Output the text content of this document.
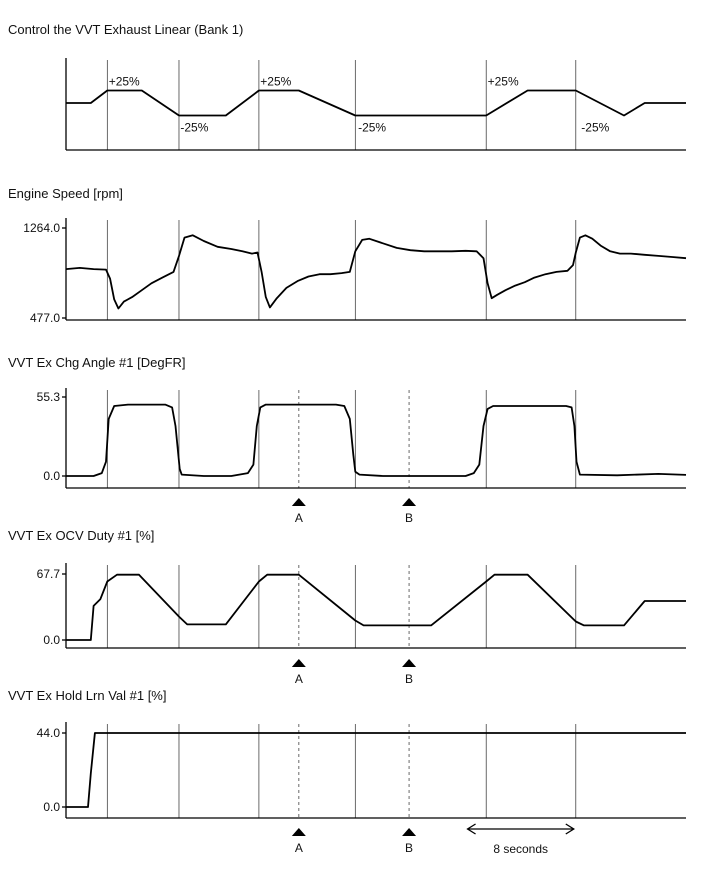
Control the VVT Exhaust Linear (Bank 1)
+25%
-25%
+25%
-25%
+25%
-25%
Engine Speed [rpm]
1264.0
477.0
VVT Ex Chg Angle #1 [DegFR]
55.3
0.0
A	B
VVT Ex OCV Duty #1 [%]
67.7
0.0
A	B
VVT Ex Hold Lrn Val #1 [%]
44.0
0.0
A	B	8 seconds
